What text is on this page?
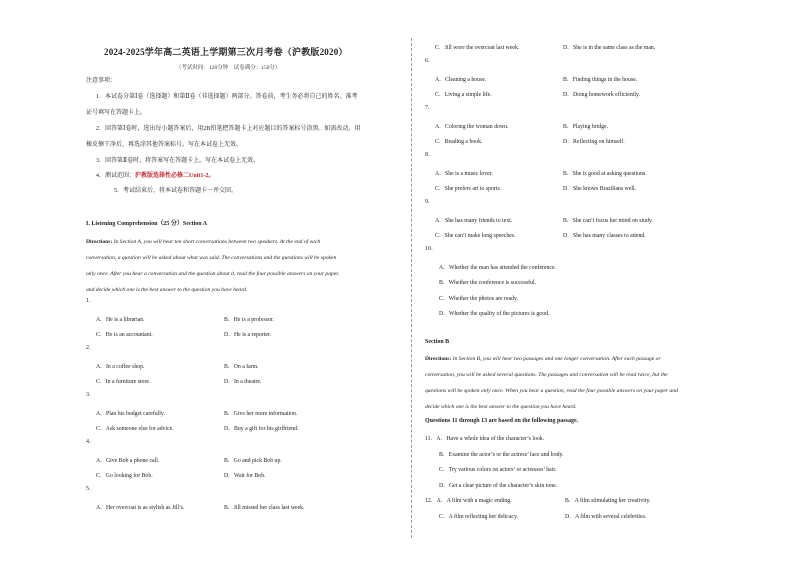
2024-2025学年高二英语上学期第三次月考卷（沪教版2020）
（考试时间：120分钟　试卷满分：150分）
注意事项：
1．本试卷分第Ⅰ卷（选择题）和第Ⅱ卷（非选择题）两部分。答卷前，考生务必将自己的姓名、准考
证号填写在答题卡上。
2．回答第Ⅰ卷时，选出每小题答案后，用2B铅笔把答题卡上对应题目的答案标号涂黑。如需改动，用
橡皮擦干净后，再选涂其他答案标号。写在本试卷上无效。
3．回答第Ⅱ卷时，将答案写在答题卡上。写在本试卷上无效。
4．测试范围：沪教版选择性必修二Unit1-2。
5．考试结束后，将本试卷和答题卡一并交回。
I. Listening Comprehension（25 分）Section A
Directions: In Section A, you will hear ten short conversations between two speakers. At the end of each
conversation, a question will be asked about what was said. The conversations and the questions will be spoken
only once. After you hear a conversation and the question about it, read the four possible answers on your paper,
and decide which one is the best answer to the question you have heard.
1．
A．He is a librarian.	B．He is a professor.
C．He is an accountant.	D．He is a reporter.
2．
A．In a coffee shop.	B．On a farm.
C．In a furniture store.	D．In a theatre.
3．
A．Plan his budget carefully.	B．Give her more information.
C．Ask someone else for advice.	D．Buy a gift for his girlfriend.
4．
A．Give Bob a phone call.	B．Go and pick Bob up.
C．Go looking for Bob.	D．Wait for Bob.
5．
A．Her overcoat is as stylish as Jill’s.	B．Jill missed her class last week.
C．Jill wore the overcoat last week.	D．She is in the same class as the man.
6．
A．Cleaning a house.	B．Finding things in the house.
C．Living a simple life.	D．Doing homework efficiently.
7．
A．Coloring the woman down.	B．Playing bridge.
C．Reading a book.	D．Reflecting on himself.
8．
A．She is a music lover.	B．She is good at asking questions.
C．She prefers art to sports.	D．She knows Brazilians well.
9．
A．She has many friends to text.	B．She can’t focus her mind on study.
C．She can’t make long speeches.	D．She has many classes to attend.
10．
A．Whether the man has attended the conference.
B．Whether the conference is successful.
C．Whether the photos are ready.
D．Whether the quality of the pictures is good.
Section B
Directions: In Section B, you will hear two passages and one longer conversation. After each passage or
conversation, you will be asked several questions. The passages and conversation will be read twice, but the
questions will be spoken only once. When you hear a question, read the four possible answers on your paper and
decide which one is the best answer to the question you have heard.
Questions 11 through 13 are based on the following passage.
11．A．Have a whole idea of the character’s look.
B．Examine the actor’s or the actress’ face and body.
C．Try various colors on actors’ or actresses’ hair.
D．Get a clear picture of the character’s skin tone.
12．A．A film with a magic ending.	B．A film stimulating her creativity.
C．A film reflecting her delicacy.	D．A film with several celebrities.
